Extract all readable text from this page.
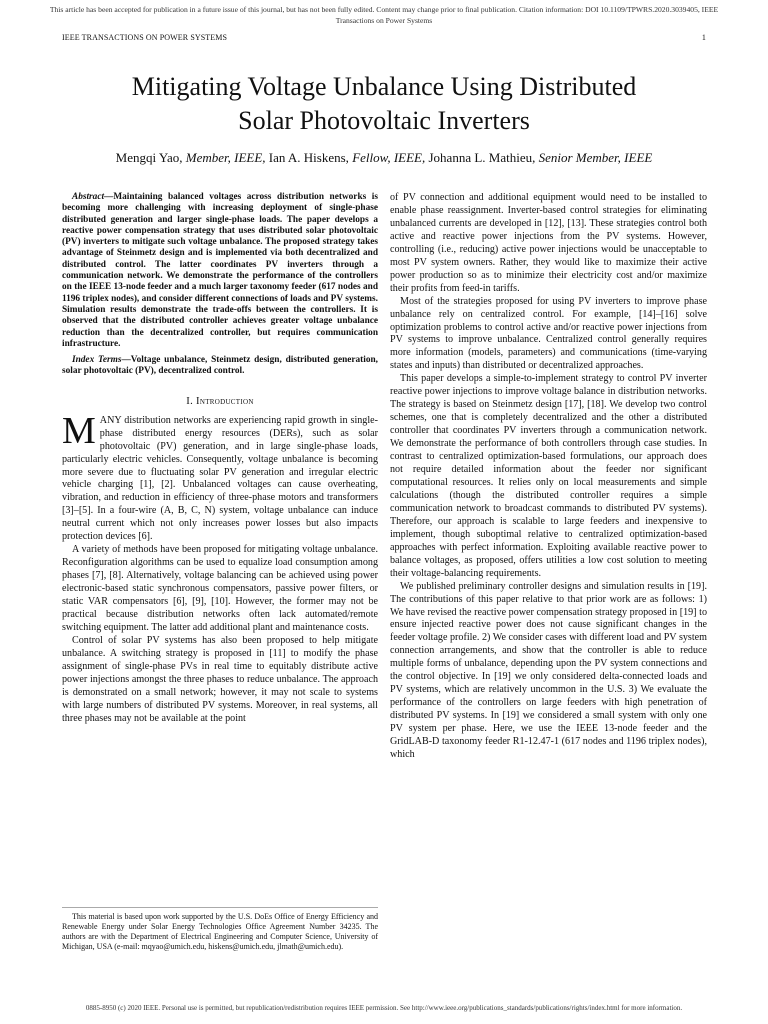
This article has been accepted for publication in a future issue of this journal, but has not been fully edited. Content may change prior to final publication. Citation information: DOI 10.1109/TPWRS.2020.3039405, IEEE
Transactions on Power Systems
IEEE TRANSACTIONS ON POWER SYSTEMS	1
Mitigating Voltage Unbalance Using Distributed
Solar Photovoltaic Inverters
Mengqi Yao, Member, IEEE, Ian A. Hiskens, Fellow, IEEE, Johanna L. Mathieu, Senior Member, IEEE

Abstract—Maintaining balanced voltages across distribution networks is becoming more challenging with increasing deployment of single-phase distributed generation and larger single-phase loads. The paper develops a reactive power compensation strategy that uses distributed solar photovoltaic (PV) inverters to mitigate such voltage unbalance. The proposed strategy takes advantage of Steinmetz design and is implemented via both decentralized and distributed control. The latter coordinates PV inverters through a communication network. We demonstrate the performance of the controllers on the IEEE 13-node feeder and a much larger taxonomy feeder (617 nodes and 1196 triplex nodes), and consider different connections of loads and PV systems. Simulation results demonstrate the trade-offs between the controllers. It is observed that the distributed controller achieves greater voltage unbalance reduction than the decentralized controller, but requires communication infrastructure.

Index Terms—Voltage unbalance, Steinmetz design, distributed generation, solar photovoltaic (PV), decentralized control.

I. Introduction

MANY distribution networks are experiencing rapid growth in single-phase distributed energy resources (DERs), such as solar photovoltaic (PV) generation, and in large single-phase loads, particularly electric vehicles. Consequently, voltage unbalance is becoming more severe due to fluctuating solar PV generation and irregular electric vehicle charging [1], [2]. Unbalanced voltages can cause overheating, vibration, and reduction in efficiency of three-phase motors and transformers [3]–[5]. In a four-wire (A, B, C, N) system, voltage unbalance can induce neutral current which not only increases power losses but also impacts protection devices [6].

A variety of methods have been proposed for mitigating voltage unbalance. Reconfiguration algorithms can be used to equalize load consumption among phases [7], [8]. Alternatively, voltage balancing can be achieved using power electronic-based static synchronous compensators, passive power filters, or static VAR compensators [6], [9], [10]. However, the former may not be practical because distribution networks often lack automated/remote switching equipment. The latter add additional plant and maintenance costs.

Control of solar PV systems has also been proposed to help mitigate unbalance. A switching strategy is proposed in [11] to modify the phase assignment of single-phase PVs in real time to equitably distribute active power injections amongst the three phases to reduce unbalance. The approach is demonstrated on a small network; however, it may not scale to systems with large numbers of distributed PV systems. Moreover, in real systems, all three phases may not be available at the point

This material is based upon work supported by the U.S. DoEs Office of Energy Efficiency and Renewable Energy under Solar Energy Technologies Office Agreement Number 34235. The authors are with the Department of Electrical Engineering and Computer Science, University of Michigan, USA (e-mail: mqyao@umich.edu, hiskens@umich.edu, jlmath@umich.edu).

of PV connection and additional equipment would need to be installed to enable phase reassignment. Inverter-based control strategies for eliminating unbalanced currents are developed in [12], [13]. These strategies control both active and reactive power injections from the PV systems. However, controlling (i.e., reducing) active power injections would be unacceptable to most PV system owners. Rather, they would like to maximize their active power production so as to minimize their electricity cost and/or maximize their profits from feed-in tariffs.

Most of the strategies proposed for using PV inverters to improve phase unbalance rely on centralized control. For example, [14]–[16] solve optimization problems to control active and/or reactive power injections from PV systems to improve unbalance. Centralized control generally requires more information (models, parameters) and communications (time-varying states and inputs) than distributed or decentralized approaches.

This paper develops a simple-to-implement strategy to control PV inverter reactive power injections to improve voltage balance in distribution networks. The strategy is based on Steinmetz design [17], [18]. We develop two control schemes, one that is completely decentralized and the other a distributed controller that coordinates PV inverters through a communication network. We demonstrate the performance of both controllers through case studies. In contrast to centralized optimization-based formulations, our approach does not require detailed information about the feeder nor significant computational resources. It relies only on local measurements and simple calculations (though the distributed controller requires a simple communication network to broadcast commands to distributed PV systems). Therefore, our approach is scalable to large feeders and inexpensive to implement, though suboptimal relative to centralized optimization-based approaches with perfect information. Exploiting available reactive power to balance voltages, as proposed, offers utilities a low cost solution to meeting their voltage-balancing requirements.

We published preliminary controller designs and simulation results in [19]. The contributions of this paper relative to that prior work are as follows: 1) We have revised the reactive power compensation strategy proposed in [19] to ensure injected reactive power does not cause significant changes in the feeder voltage profile. 2) We consider cases with different load and PV system connection arrangements, and show that the controller is able to reduce multiple forms of unbalance, depending upon the PV system connections and the control objective. In [19] we only considered delta-connected loads and PV systems, which are relatively uncommon in the U.S. 3) We evaluate the performance of the controllers on large feeders with high penetration of distributed PV systems. In [19] we considered a small system with only one PV system per phase. Here, we use the IEEE 13-node feeder and the GridLAB-D taxonomy feeder R1-12.47-1 (617 nodes and 1196 triplex nodes), which

0885-8950 (c) 2020 IEEE. Personal use is permitted, but republication/redistribution requires IEEE permission. See http://www.ieee.org/publications_standards/publications/rights/index.html for more information.
